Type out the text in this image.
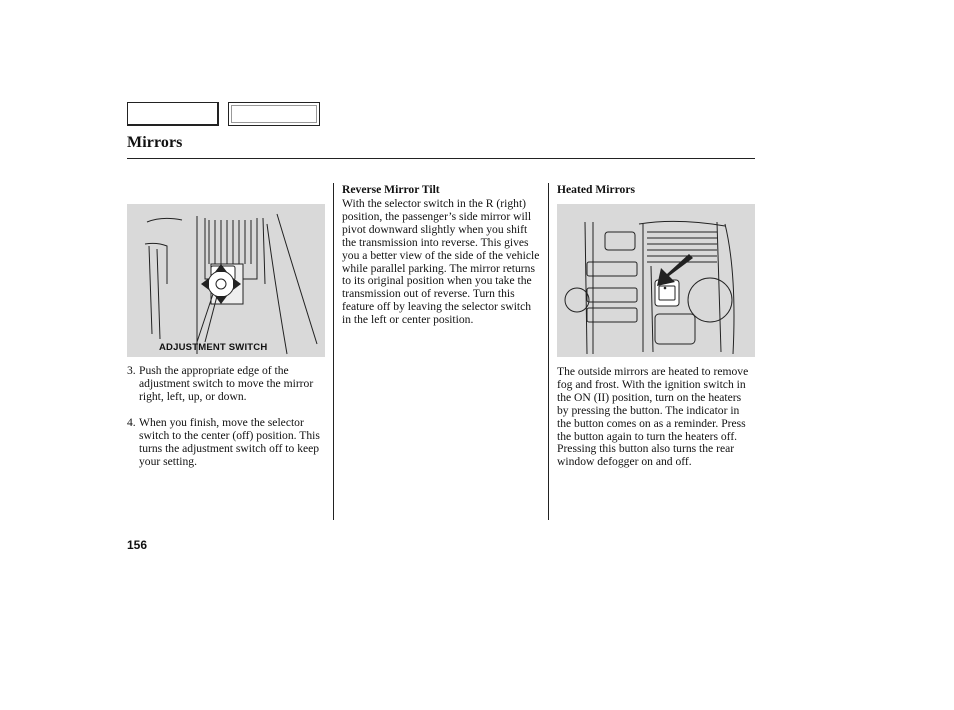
Mirrors
ADJUSTMENT SWITCH
3. Push the appropriate edge of the adjustment switch to move the mirror right, left, up, or down.
4. When you finish, move the selector switch to the center (off) position. This turns the adjustment switch off to keep your setting.
Reverse Mirror Tilt
With the selector switch in the R (right) position, the passenger’s side mirror will pivot downward slightly when you shift the transmission into reverse. This gives you a better view of the side of the vehicle while parallel parking. The mirror returns to its original position when you take the transmission out of reverse. Turn this feature off by leaving the selector switch in the left or center position.
Heated Mirrors
The outside mirrors are heated to remove fog and frost. With the ignition switch in the ON (II) position, turn on the heaters by pressing the button. The indicator in the button comes on as a reminder. Press the button again to turn the heaters off. Pressing this button also turns the rear window defogger on and off.
156
